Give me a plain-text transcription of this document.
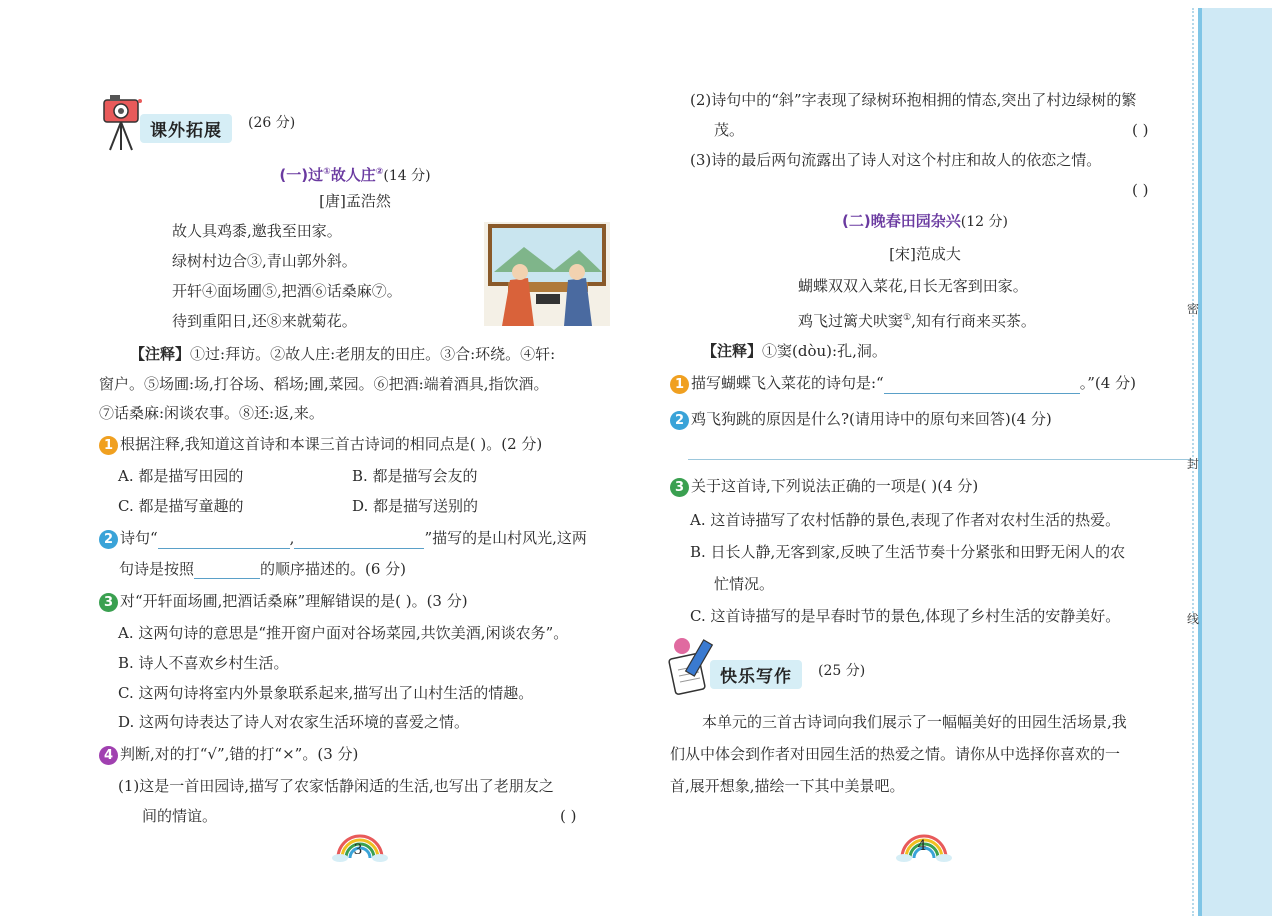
课外拓展	(26 分)
(一)过①故人庄②(14 分)
[唐]孟浩然
故人具鸡黍,邀我至田家。
绿树村边合③,青山郭外斜。
开轩④面场圃⑤,把酒⑥话桑麻⑦。
待到重阳日,还⑧来就菊花。
【注释】①过:拜访。②故人庄:老朋友的田庄。③合:环绕。④轩:
窗户。⑤场圃:场,打谷场、稻场;圃,菜园。⑥把酒:端着酒具,指饮酒。
⑦话桑麻:闲谈农事。⑧还:返,来。
1 根据注释,我知道这首诗和本课三首古诗词的相同点是( )。(2 分)
A. 都是描写田园的	B. 都是描写会友的
C. 都是描写童趣的	D. 都是描写送别的
2 诗句“	,	”描写的是山村风光,这两
句诗是按照	的顺序描述的。(6 分)
3 对“开轩面场圃,把酒话桑麻”理解错误的是( )。(3 分)
A. 这两句诗的意思是“推开窗户面对谷场菜园,共饮美酒,闲谈农务”。
B. 诗人不喜欢乡村生活。
C. 这两句诗将室内外景象联系起来,描写出了山村生活的情趣。
D. 这两句诗表达了诗人对农家生活环境的喜爱之情。
4 判断,对的打“√”,错的打“×”。(3 分)
(1)这是一首田园诗,描写了农家恬静闲适的生活,也写出了老朋友之
间的情谊。	( )
3
(2)诗句中的“斜”字表现了绿树环抱相拥的情态,突出了村边绿树的繁
茂。	( )
(3)诗的最后两句流露出了诗人对这个村庄和故人的依恋之情。
( )
(二)晚春田园杂兴(12 分)
[宋]范成大
蝴蝶双双入菜花,日长无客到田家。
鸡飞过篱犬吠窦①,知有行商来买茶。
【注释】①窦(dòu):孔,洞。
1 描写蝴蝶飞入菜花的诗句是:“	。”(4 分)
2 鸡飞狗跳的原因是什么?(请用诗中的原句来回答)(4 分)
3 关于这首诗,下列说法正确的一项是( )(4 分)
A. 这首诗描写了农村恬静的景色,表现了作者对农村生活的热爱。
B. 日长人静,无客到家,反映了生活节奏十分紧张和田野无闲人的农
忙情况。
C. 这首诗描写的是早春时节的景色,体现了乡村生活的安静美好。
快乐写作	(25 分)
本单元的三首古诗词向我们展示了一幅幅美好的田园生活场景,我
们从中体会到作者对田园生活的热爱之情。请你从中选择你喜欢的一
首,展开想象,描绘一下其中美景吧。
4
密
封
线
